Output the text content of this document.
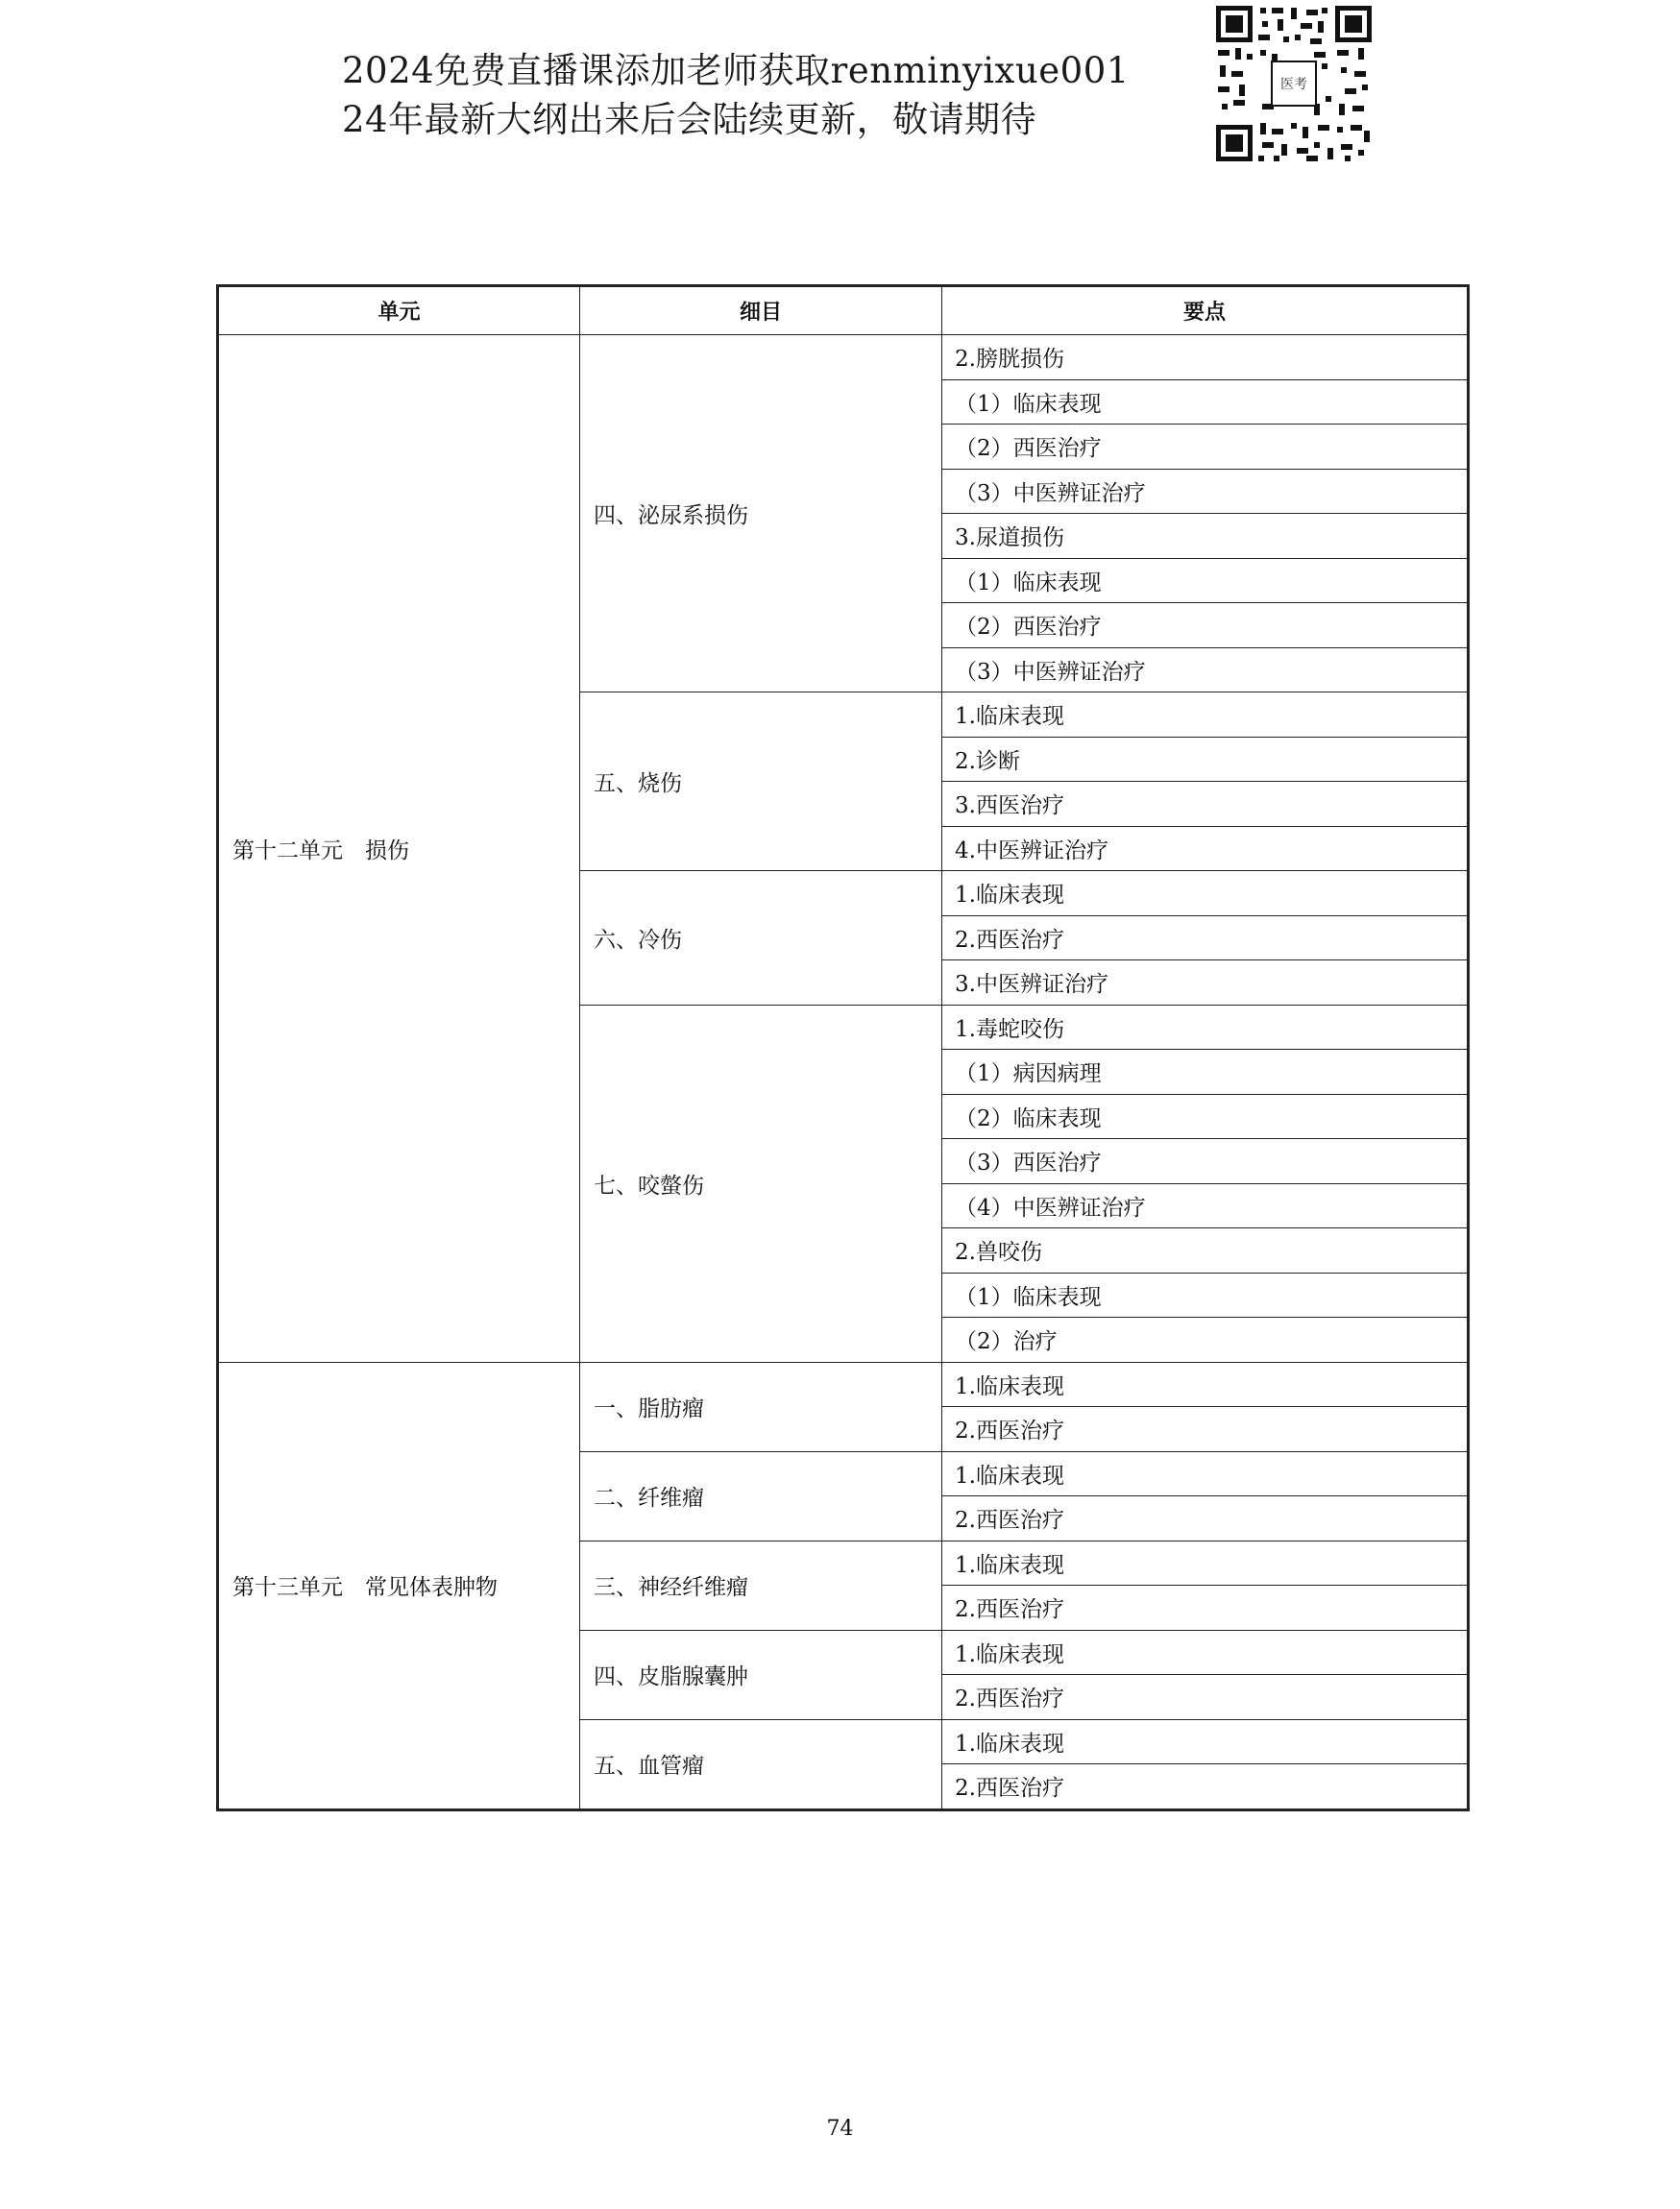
2024免费直播课添加老师获取renminyixue001
24年最新大纲出来后会陆续更新，敬请期待
医考
单元	细目	要点
第十二单元　损伤	四、泌尿系损伤	2.膀胱损伤
		（1）临床表现
		（2）西医治疗
		（3）中医辨证治疗
		3.尿道损伤
		（1）临床表现
		（2）西医治疗
		（3）中医辨证治疗
	五、烧伤	1.临床表现
		2.诊断
		3.西医治疗
		4.中医辨证治疗
	六、冷伤	1.临床表现
		2.西医治疗
		3.中医辨证治疗
	七、咬螫伤	1.毒蛇咬伤
		（1）病因病理
		（2）临床表现
		（3）西医治疗
		（4）中医辨证治疗
		2.兽咬伤
		（1）临床表现
		（2）治疗
第十三单元　常见体表肿物	一、脂肪瘤	1.临床表现
		2.西医治疗
	二、纤维瘤	1.临床表现
		2.西医治疗
	三、神经纤维瘤	1.临床表现
		2.西医治疗
	四、皮脂腺囊肿	1.临床表现
		2.西医治疗
	五、血管瘤	1.临床表现
		2.西医治疗
74
